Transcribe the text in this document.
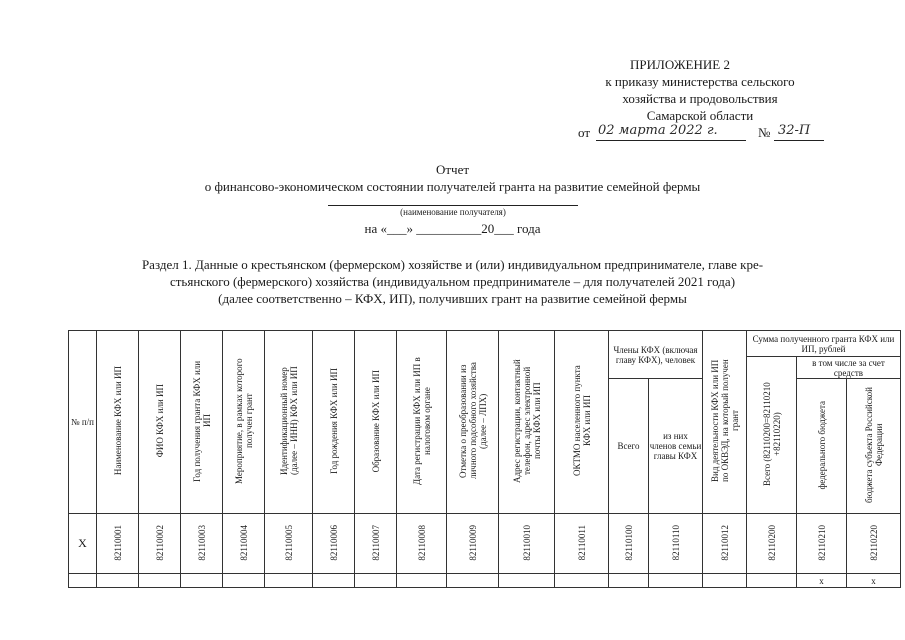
ПРИЛОЖЕНИЕ 2
к приказу министерства сельского
хозяйства и продовольствия
Самарской области
от 02 марта 2022 г.	№ 32-П
Отчет
о финансово-экономическом состоянии получателей гранта на развитие семейной фермы
(наименование получателя)
на «___» __________20___ года
Раздел 1. Данные о крестьянском (фермерском) хозяйстве и (или) индивидуальном предпринимателе, главе кре-
стьянского (фермерского) хозяйства (индивидуальном предпринимателе – для получателей 2021 года)
(далее соответственно – КФХ, ИП), получивших грант на развитие семейной фермы
№ п/п	Наименование КФХ или ИП	ФИО КФХ или ИП	Год получения гранта КФХ или ИП	Мероприятие, в рамках которого получен грант	Идентификационный номер (далее – ИНН) КФХ или ИП	Год рождения КФХ или ИП	Образование КФХ или ИП	Дата регистрации КФХ или ИП в налоговом органе	Отметка о преобразовании из личного подсобного хозяйства (далее – ЛПХ)	Адрес регистрации, контактный телефон, адрес электронной почты КФХ или ИП	ОКТМО населенного пункта КФХ или ИП	Члены КФХ (включая главу КФХ), человек		Вид деятельности КФХ или ИП по ОКВЭД, на который получен грант	Сумма полученного гранта КФХ или ИП, рублей		
															Всего (82110200=82110210 +82110220)	в том числе за счет средств	
												Всего	из них членов семьи главы КФХ			федерального бюджета	бюджета субъекта Российской Федерации
X	82110001	82110002	82110003	82110004	82110005	82110006	82110007	82110008	82110009	82110010	82110011	82110100	82110110	82110012	82110200	82110210	82110220
																x	x
